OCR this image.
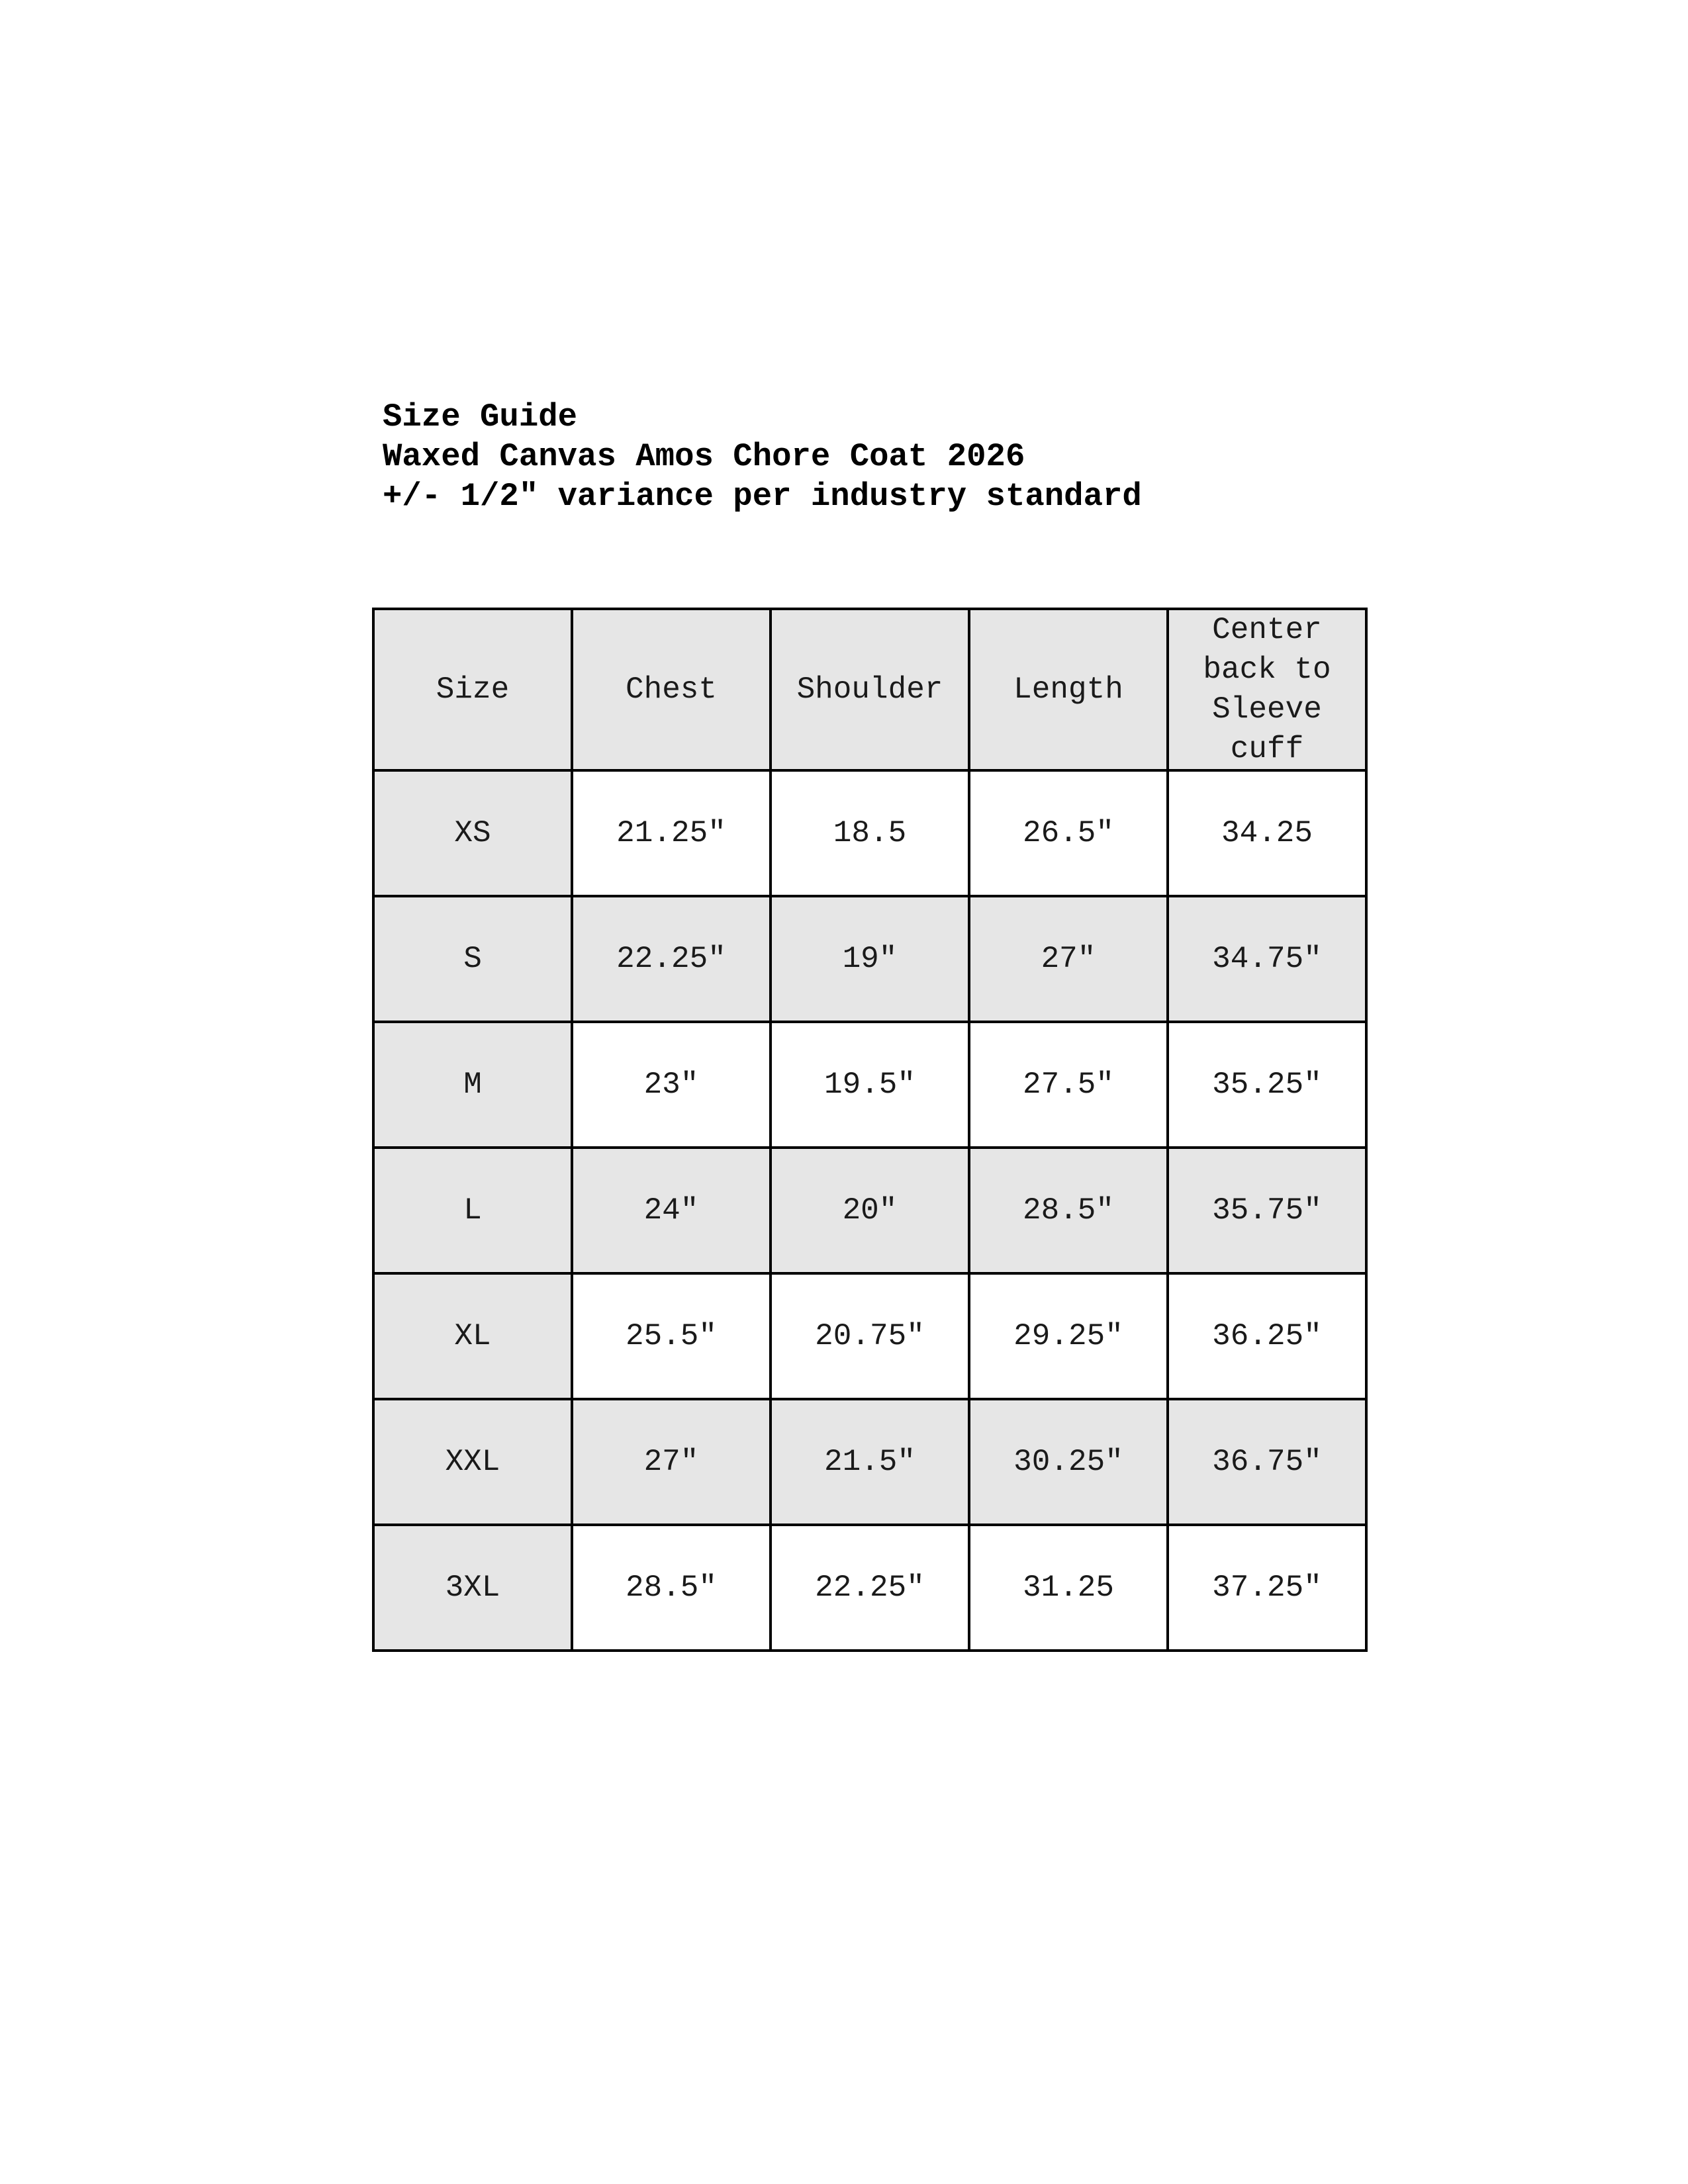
Size Guide
Waxed Canvas Amos Chore Coat 2026
+/- 1/2″ variance per industry standard
Size	Chest	Shoulder	Length	Center back to Sleeve cuff

XS	21.25″	18.5	26.5″	34.25
S	22.25″	19″	27″	34.75″
M	23″	19.5″	27.5″	35.25″
L	24″	20″	28.5″	35.75″
XL	25.5″	20.75″	29.25″	36.25″
XXL	27″	21.5″	30.25″	36.75″
3XL	28.5″	22.25″	31.25	37.25″
